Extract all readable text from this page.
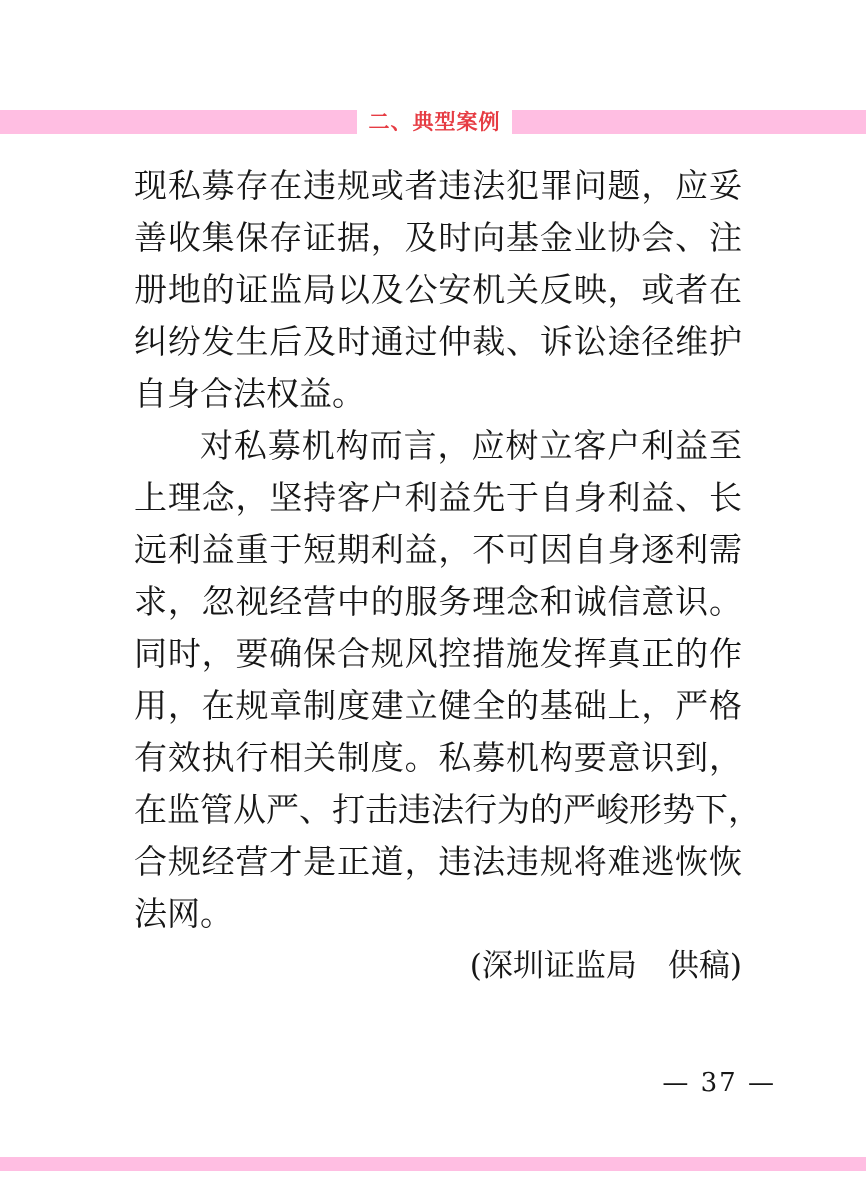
二、典型案例
现私募存在违规或者违法犯罪问题，应妥
善收集保存证据，及时向基金业协会、注
册地的证监局以及公安机关反映，或者在
纠纷发生后及时通过仲裁、诉讼途径维护
自身合法权益。
对私募机构而言，应树立客户利益至
上理念，坚持客户利益先于自身利益、长
远利益重于短期利益，不可因自身逐利需
求，忽视经营中的服务理念和诚信意识。
同时，要确保合规风控措施发挥真正的作
用，在规章制度建立健全的基础上，严格
有效执行相关制度。私募机构要意识到，
在监管从严、打击违法行为的严峻形势下，
合规经营才是正道，违法违规将难逃恢恢
法网。
(深圳证监局　供稿)
— 37 —
